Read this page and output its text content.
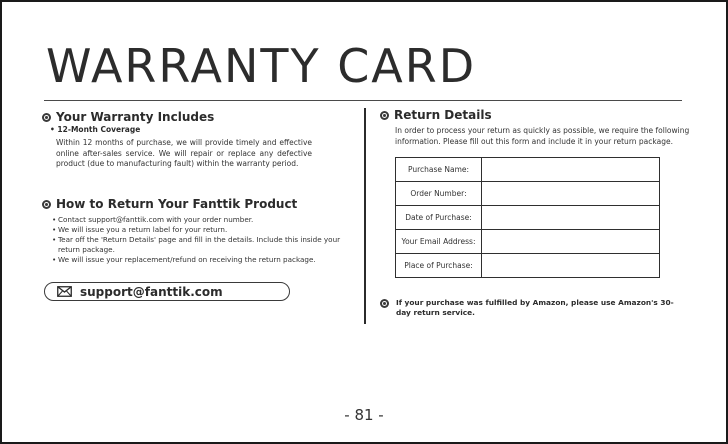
WARRANTY CARD
Your Warranty Includes
• 12-Month Coverage
Within 12 months of purchase, we will provide timely and effective online after-sales service. We will repair or replace any defective product (due to manufacturing fault) within the warranty period.
How to Return Your Fanttik Product
• Contact support@fanttik.com with your order number.
• We will issue you a return label for your return.
• Tear off the 'Return Details' page and fill in the details. Include this inside your return package.
• We will issue your replacement/refund on receiving the return package.
support@fanttik.com
Return Details
In order to process your return as quickly as possible, we require the following information. Please fill out this form and include it in your return package.
Purchase Name:	
Order Number:	
Date of Purchase:	
Your Email Address:	
Place of Purchase:	
If your purchase was fulfilled by Amazon, please use Amazon's 30-day return service.
- 81 -
